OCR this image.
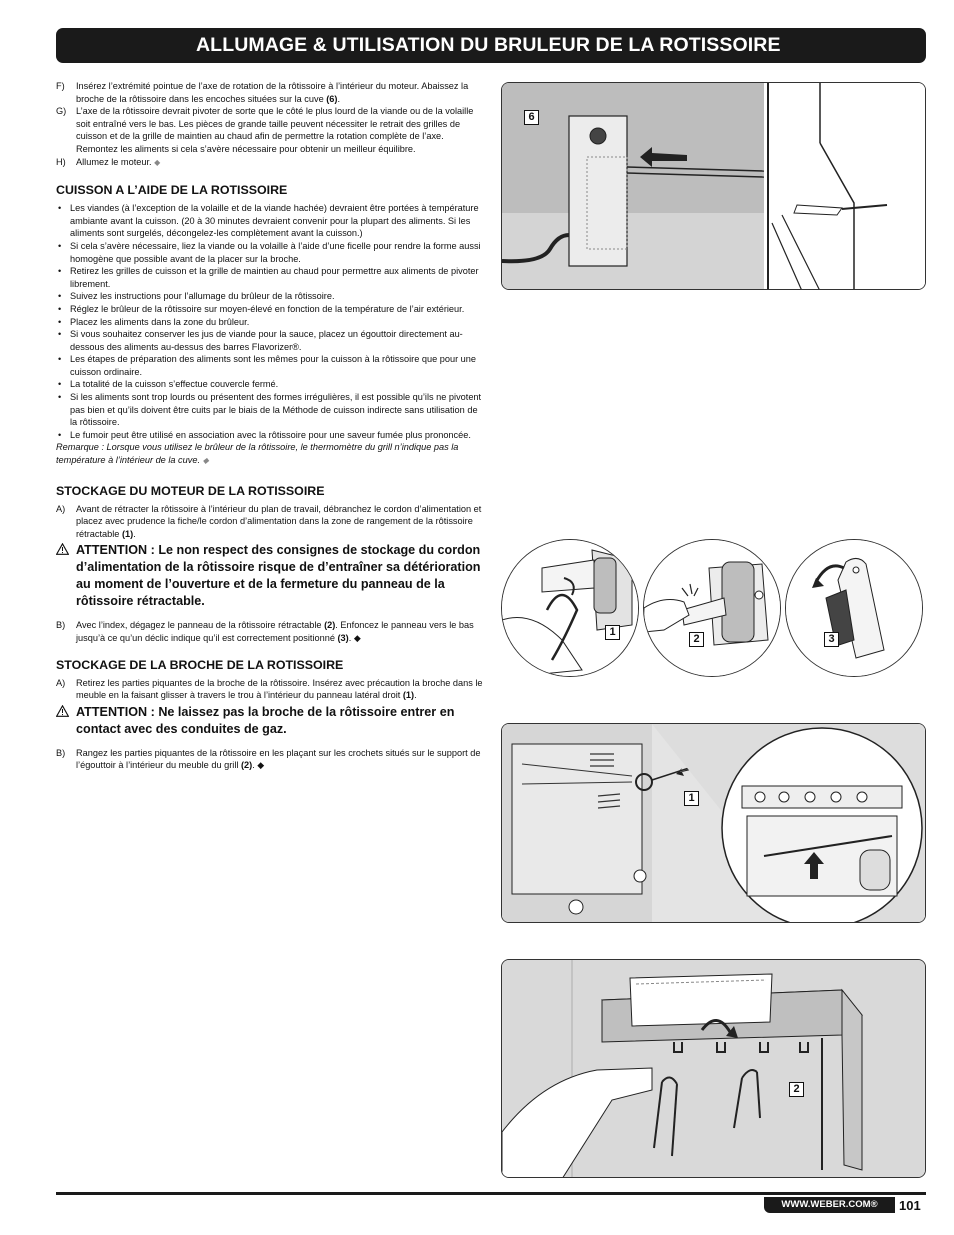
ALLUMAGE & UTILISATION DU BRULEUR DE LA ROTISSOIRE
F)	Insérez l’extrémité pointue de l’axe de rotation de la rôtissoire à l’intérieur du moteur. Abaissez la broche de la rôtissoire dans les encoches situées sur la cuve (6).
G)	L’axe de la rôtissoire devrait pivoter de sorte que le côté le plus lourd de la viande ou de la volaille soit entraîné vers le bas. Les pièces de grande taille peuvent nécessiter le retrait des grilles de cuisson et de la grille de maintien au chaud afin de permettre la rotation complète de l’axe. Remontez les aliments si cela s’avère nécessaire pour obtenir un meilleur équilibre.
H)	Allumez le moteur. ◆
CUISSON A L’AIDE DE LA ROTISSOIRE
• Les viandes (à l’exception de la volaille et de la viande hachée) devraient être portées à température ambiante avant la cuisson. (20 à 30 minutes devraient convenir pour la plupart des aliments. Si les aliments sont surgelés, décongelez-les complètement avant la cuisson.)
• Si cela s’avère nécessaire, liez la viande ou la volaille à l’aide d’une ficelle pour rendre la forme aussi homogène que possible avant de la placer sur la broche.
• Retirez les grilles de cuisson et la grille de maintien au chaud pour permettre aux aliments de pivoter librement.
• Suivez les instructions pour l’allumage du brûleur de la rôtissoire.
• Réglez le brûleur de la rôtissoire sur moyen-élevé en fonction de la température de l’air extérieur.
• Placez les aliments dans la zone du brûleur.
• Si vous souhaitez conserver les jus de viande pour la sauce, placez un égouttoir directement au-dessous des aliments au-dessus des barres Flavorizer®.
• Les étapes de préparation des aliments sont les mêmes pour la cuisson à la rôtissoire que pour une cuisson ordinaire.
• La totalité de la cuisson s’effectue couvercle fermé.
• Si les aliments sont trop lourds ou présentent des formes irrégulières, il est possible qu’ils ne pivotent pas bien et qu’ils doivent être cuits par le biais de la Méthode de cuisson indirecte sans utilisation de la rôtissoire.
• Le fumoir peut être utilisé en association avec la rôtissoire pour une saveur fumée plus prononcée.
Remarque : Lorsque vous utilisez le brûleur de la rôtissoire, le thermomètre du grill n’indique pas la température à l’intérieur de la cuve. ◆
STOCKAGE DU MOTEUR DE LA ROTISSOIRE
A)	Avant de rétracter la rôtissoire à l’intérieur du plan de travail, débranchez le cordon d’alimentation et placez avec prudence la fiche/le cordon d’alimentation dans la zone de rangement de la rôtissoire rétractable (1).
ATTENTION : Le non respect des consignes de stockage du cordon d’alimentation de la rôtissoire risque de d’entraîner sa détérioration au moment de l’ouverture et de la fermeture du panneau de la rôtissoire rétractable.
B)	Avec l’index, dégagez le panneau de la rôtissoire rétractable (2). Enfoncez le panneau vers le bas jusqu’à ce qu’un déclic indique qu’il est correctement positionné (3). ◆
STOCKAGE DE LA BROCHE DE LA ROTISSOIRE
A)	Retirez les parties piquantes de la broche de la rôtissoire. Insérez avec précaution la broche dans le meuble en la faisant glisser à travers le trou à l’intérieur du panneau latéral droit (1).
ATTENTION : Ne laissez pas la broche de la rôtissoire entrer en contact avec des conduites de gaz.
B)	Rangez les parties piquantes de la rôtissoire en les plaçant sur les crochets situés sur le support de l’égouttoir à l’intérieur du meuble du grill (2). ◆
6
1
2	3
1
2
WWW.WEBER.COM®	101
